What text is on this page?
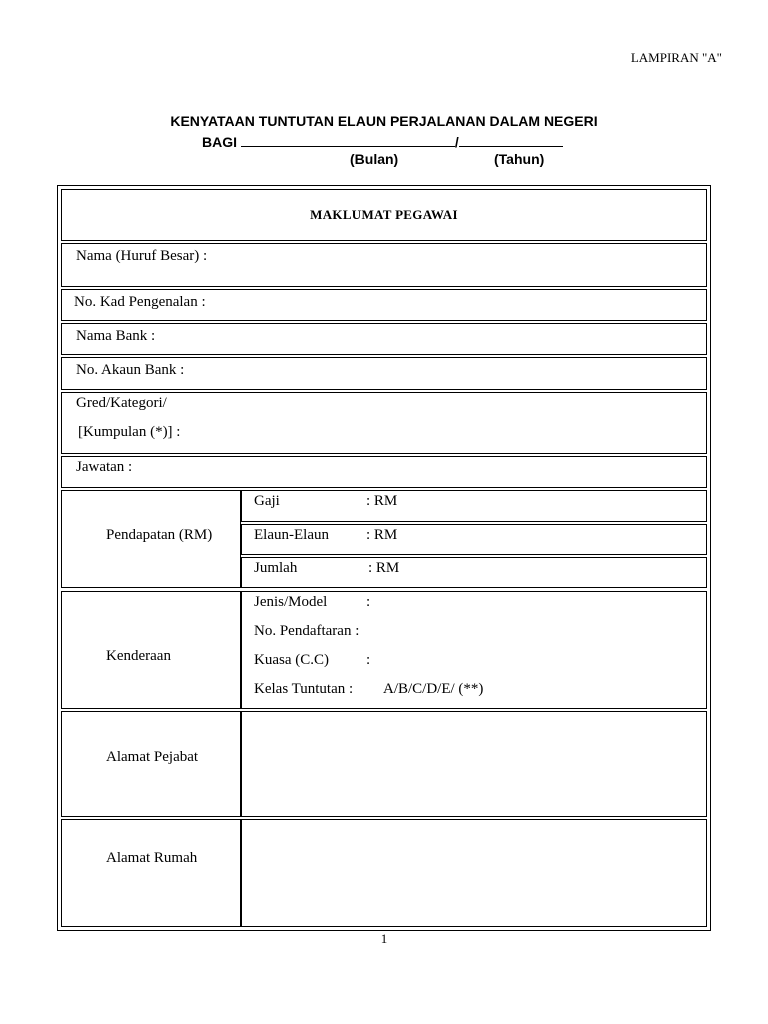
LAMPIRAN "A"
KENYATAAN TUNTUTAN ELAUN PERJALANAN DALAM NEGERI
BAGI	/
(Bulan)	(Tahun)
MAKLUMAT PEGAWAI
Nama (Huruf Besar) :
No. Kad Pengenalan :
Nama Bank :
No. Akaun Bank :
Gred/Kategori/
[Kumpulan (*)] :
Jawatan :
Pendapatan (RM)
Gaji	: RM
Elaun-Elaun : RM
Jumlah	: RM
Kenderaan
Jenis/Model	:
No. Pendaftaran :
Kuasa (C.C) :
Kelas Tuntutan : A/B/C/D/E/ (**)
Alamat Pejabat
Alamat Rumah
1
